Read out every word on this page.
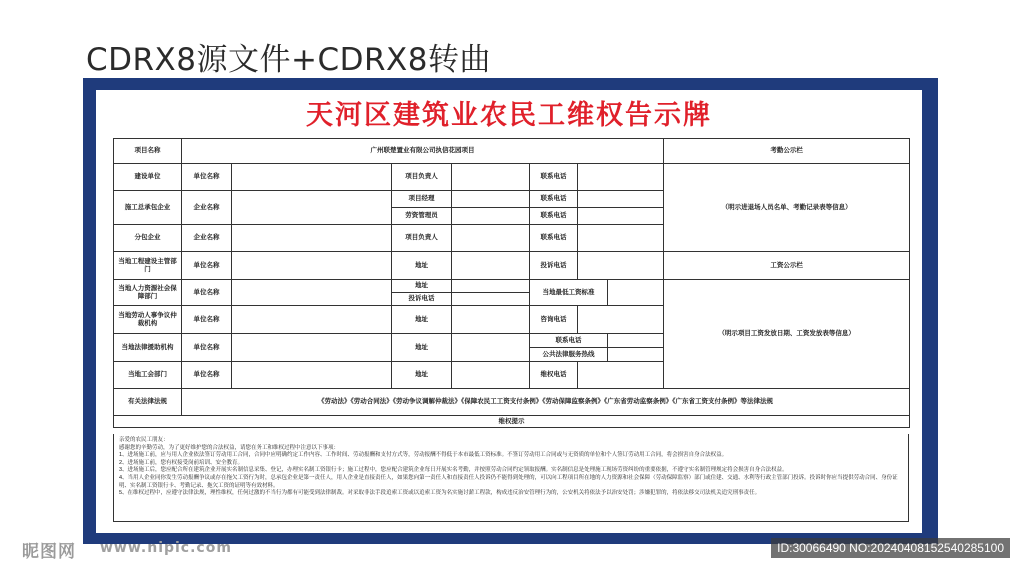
CDRX8源文件+CDRX8转曲
天河区建筑业农民工维权告示牌
项目名称	广州联楚置业有限公司执信花园项目							考勤公示栏
建设单位	单位名称		项目负责人		联系电话			（明示进退场人员名单、考勤记录表等信息）
施工总承包企业	企业名称		项目经理		联系电话			
			劳资管理员		联系电话			
分包企业	企业名称		项目负责人		联系电话			
当地工程建设主管部门	单位名称		地址		投诉电话			工资公示栏
当地人力资源社会保障部门	单位名称		地址		当地最低工资标准			（明示项目工资发放日期、工资发放表等信息）
			投诉电话					
当地劳动人事争议仲裁机构	单位名称		地址		咨询电话			
当地法律援助机构	单位名称		地址		联系电话			
					公共法律服务热线			
当地工会部门	单位名称		地址		维权电话			
有关法律法规	《劳动法》《劳动合同法》《劳动争议调解仲裁法》《保障农民工工资支付条例》《劳动保障监察条例》《广东省劳动监察条例》《广东省工资支付条例》等法律法规							
维权提示								

亲爱的农民工朋友：

感谢您的辛勤劳动，为了更好维护您的合法权益，请您在务工和维权过程中注意以下事项：

1、进场施工前，应与用人企业依法签订劳动用工合同，合同中应明确约定工作内容、工作时间、劳动报酬和支付方式等，劳动报酬不得低于本市最低工资标准。不签订劳动用工合同或与无资质的单位和个人签订劳动用工合同，将会损害自身合法权益。

2、进场施工前，您有权接受岗前培训、安全教育。

3、进场施工后，您应配合所在建筑企业开展实名制信息采集、登记，办理实名制工资银行卡；施工过程中，您应配合建筑企业每日开展实名考勤，并按照劳动合同约定领取报酬。实名制信息是处理施工现场劳资纠纷的重要依据，不遵守实名制管理规定将会损害自身合法权益。

4、当用人企业同你发生劳动报酬争议或存在拖欠工资行为时，总承包企业是第一责任人，用人企业是直接责任人，如果您向第一责任人和直接责任人投诉仍不能得到处理的，可以向工程项目所在地的人力资源和社会保障（劳动保障监察）部门或住建、交通、水利等行政主管部门投诉。投诉时你应当提供劳动合同、身份证明、实名制工资银行卡、考勤记录、拖欠工资的证明等有效材料。

5、在维权过程中，应遵守法律法规，理性维权，任何过激的不当行为都有可能受到法律制裁。对采取非法手段追索工资或以追索工资为名实施讨薪工程款，构成违反治安管理行为的，公安机关将依法予以治安处罚；涉嫌犯罪的，将依法移交司法机关追究刑事责任。

昵图网 www.nipic.com	ID:30066490 NO:20240408152540285100
